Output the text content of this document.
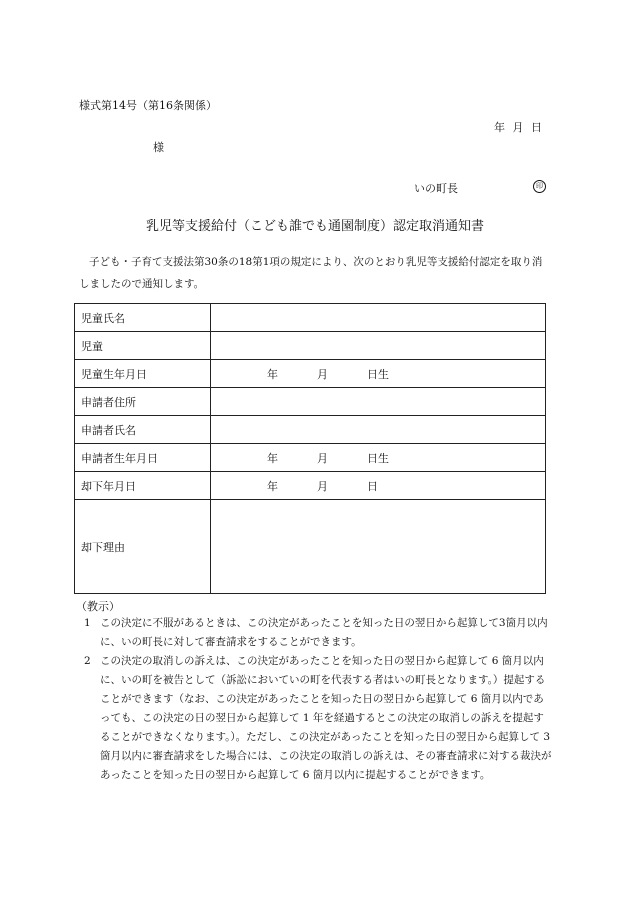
様式第14号（第16条関係）
年 月 日
様
いの町長	印
乳児等支援給付（こども誰でも通園制度）認定取消通知書
子ども・子育て支援法第30条の18第1項の規定により、次のとおり乳児等支援給付認定を取り消しましたので通知します。
児童氏名	
児童	
児童生年月日	年 月 日生
申請者住所	
申請者氏名	
申請者生年月日	年 月 日生
却下年月日	年 月 日
却下理由	
（教示）
1 この決定に不服があるときは、この決定があったことを知った日の翌日から起算して3箇月以内に、いの町長に対して審査請求をすることができます。
2 この決定の取消しの訴えは、この決定があったことを知った日の翌日から起算して 6 箇月以内に、いの町を被告として（訴訟においていの町を代表する者はいの町長となります。）提起することができます（なお、この決定があったことを知った日の翌日から起算して 6 箇月以内であっても、この決定の日の翌日から起算して 1 年を経過するとこの決定の取消しの訴えを提起することができなくなります。）。ただし、この決定があったことを知った日の翌日から起算して 3 箇月以内に審査請求をした場合には、この決定の取消しの訴えは、その審査請求に対する裁決があったことを知った日の翌日から起算して 6 箇月以内に提起することができます。
